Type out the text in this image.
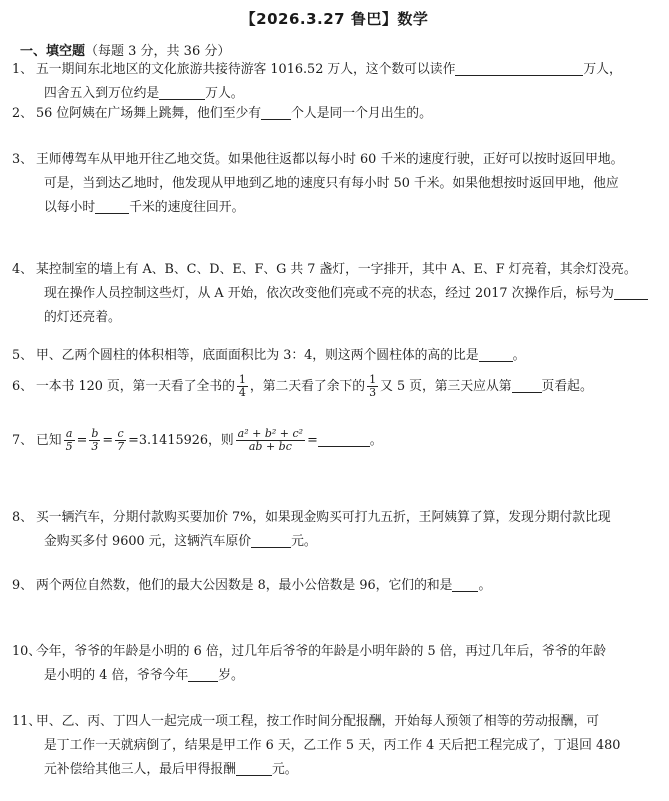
【2026.3.27 鲁巴】数学
一、填空题（每题 3 分，共 36 分）
1、 五一期间东北地区的文化旅游共接待游客 1016.52 万人，这个数可以读作	万人，
四舍五入到万位约是	万人。
2、 56 位阿姨在广场舞上跳舞，他们至少有 个人是同一个月出生的。
3、 王师傅驾车从甲地开往乙地交货。如果他往返都以每小时 60 千米的速度行驶，正好可以按时返回甲地。
可是，当到达乙地时，他发现从甲地到乙地的速度只有每小时 50 千米。如果他想按时返回甲地，他应
以每小时	千米的速度往回开。
4、 某控制室的墙上有 A、B、C、D、E、F、G 共 7 盏灯，一字排开，其中 A、E、F 灯亮着，其余灯没亮。
现在操作人员控制这些灯，从 A 开始，依次改变他们亮或不亮的状态，经过 2017 次操作后，标号为
的灯还亮着。
5、 甲、乙两个圆柱的体积相等，底面面积比为 3：4，则这两个圆柱体的高的比是	。
6、 一本书 120 页，第一天看了全书的 $\frac{1}{4}$ ，第二天看了余下的 $\frac{1}{3}$ 又 5 页，第三天应从第 页看起。
7、 已知 $\frac{a}{5} = \frac{b}{3} = \frac{c}{7} =3.1415926$，则 $\frac{\text{a² + b² + c²}}{ab + bc}$ =	。
8、 买一辆汽车，分期付款购买要加价 7%，如果现金购买可打九五折，王阿姨算了算，发现分期付款比现
金购买多付 9600 元，这辆汽车原价	元。
9、 两个两位自然数，他们的最大公因数是 8，最小公倍数是 96，它们的和是 。
10、今年，爷爷的年龄是小明的 6 倍，过几年后爷爷的年龄是小明年龄的 5 倍，再过几年后，爷爷的年龄
是小明的 4 倍，爷爷今年 岁。
11、甲、乙、丙、丁四人一起完成一项工程，按工作时间分配报酬，开始每人预领了相等的劳动报酬，可
是丁工作一天就病倒了，结果是甲工作 6 天，乙工作 5 天，丙工作 4 天后把工程完成了，丁退回 480
元补偿给其他三人，最后甲得报酬	元。
